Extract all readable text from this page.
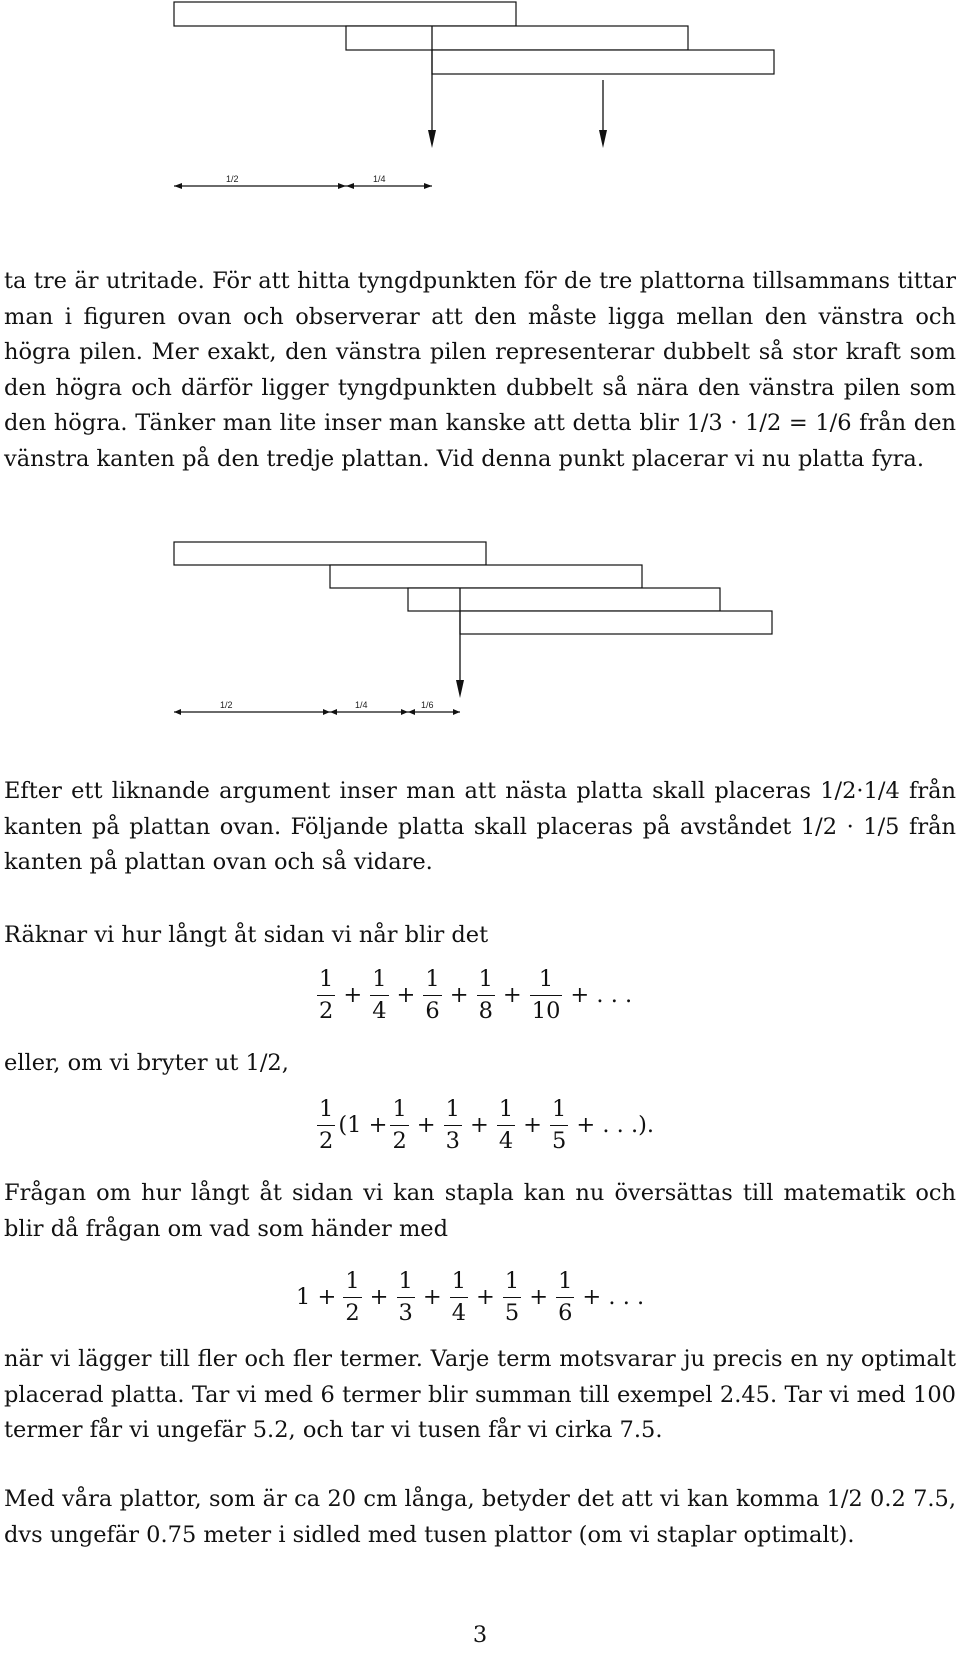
1/2	1/4

ta tre är utritade. För att hitta tyngdpunkten för de tre plattorna tillsammans tittar man i figuren ovan och observerar att den måste ligga mellan den vänstra och högra pilen. Mer exakt, den vänstra pilen representerar dubbelt så stor kraft som den högra och därför ligger tyngdpunkten dubbelt så nära den vänstra pilen som den högra. Tänker man lite inser man kanske att detta blir 1/3 · 1/2 = 1/6 från den vänstra kanten på den tredje plattan. Vid denna punkt placerar vi nu platta fyra.

1/2	1/4	1/6

Efter ett liknande argument inser man att nästa platta skall placeras 1/2·1/4 från kanten på plattan ovan. Följande platta skall placeras på avståndet 1/2 · 1/5 från kanten på plattan ovan och så vidare.

Räknar vi hur långt åt sidan vi når blir det
$\frac{1}{2} + \frac{1}{4} + \frac{1}{6} + \frac{1}{8} + \frac{1}{10}$ + . . .
eller, om vi bryter ut 1/2,
$\frac{1}{2} (1 + \frac{1}{2} + \frac{1}{3} + \frac{1}{4} + \frac{1}{5}$ + . . .).

Frågan om hur långt åt sidan vi kan stapla kan nu översättas till matematik och blir då frågan om vad som händer med

$1 + \frac{1}{2} + \frac{1}{3} + \frac{1}{4} + \frac{1}{5} + \frac{1}{6}$ + . . .

när vi lägger till fler och fler termer. Varje term motsvarar ju precis en ny optimalt placerad platta. Tar vi med 6 termer blir summan till exempel 2.45. Tar vi med 100 termer får vi ungefär 5.2, och tar vi tusen får vi cirka 7.5.

Med våra plattor, som är ca 20 cm långa, betyder det att vi kan komma 1/2 0.2 7.5, dvs ungefär 0.75 meter i sidled med tusen plattor (om vi staplar optimalt).

3
